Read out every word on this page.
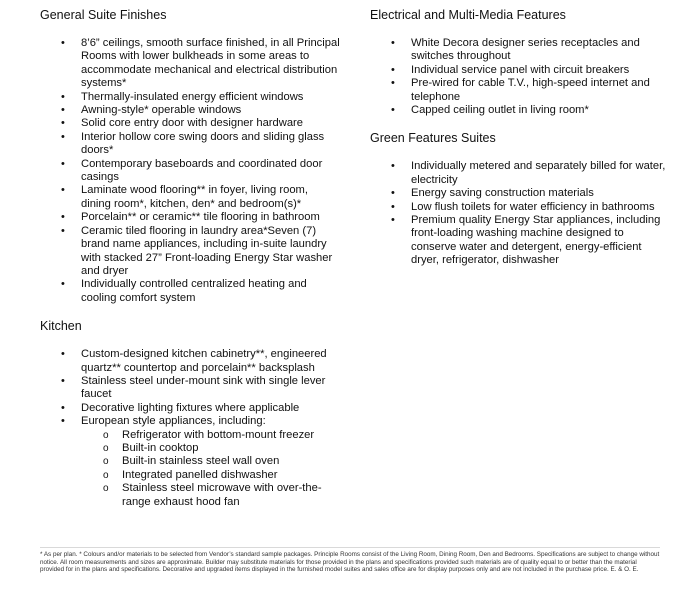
General Suite Finishes
• 8’6” ceilings, smooth surface finished, in all Principal Rooms with lower bulkheads in some areas to accommodate mechanical and electrical distribution systems*
• Thermally-insulated energy efficient windows
• Awning-style* operable windows
• Solid core entry door with designer hardware
• Interior hollow core swing doors and sliding glass doors*
• Contemporary baseboards and coordinated door casings
• Laminate wood flooring** in foyer, living room, dining room*, kitchen, den* and bedroom(s)*
• Porcelain** or ceramic** tile flooring in bathroom
• Ceramic tiled flooring in laundry area*Seven (7) brand name appliances, including in-suite laundry with stacked 27” Front-loading Energy Star washer and dryer
• Individually controlled centralized heating and cooling comfort system
Kitchen
• Custom-designed kitchen cabinetry**, engineered quartz** countertop and porcelain** backsplash
• Stainless steel under-mount sink with single lever faucet
• Decorative lighting fixtures where applicable
• European style appliances, including:
o Refrigerator with bottom-mount freezer
o Built-in cooktop
o Built-in stainless steel wall oven
o Integrated panelled dishwasher
o Stainless steel microwave with over-the-range exhaust hood fan
Electrical and Multi-Media Features
• White Decora designer series receptacles and switches throughout
• Individual service panel with circuit breakers
• Pre-wired for cable T.V., high-speed internet and telephone
• Capped ceiling outlet in living room*
Green Features Suites
• Individually metered and separately billed for water, electricity
• Energy saving construction materials
• Low flush toilets for water efficiency in bathrooms
• Premium quality Energy Star appliances, including front-loading washing machine designed to conserve water and detergent, energy-efficient dryer, refrigerator, dishwasher
* As per plan. * Colours and/or materials to be selected from Vendor’s standard sample packages. Principle Rooms consist of the Living Room, Dining Room, Den and Bedrooms. Specifications are subject to change without notice. All room measurements and sizes are approximate. Builder may substitute materials for those provided in the plans and specifications provided such materials are of quality equal to or better than the material provided for in the plans and specifications. Decorative and upgraded items displayed in the furnished model suites and sales office are for display purposes only and are not included in the purchase price. E. & O. E.
